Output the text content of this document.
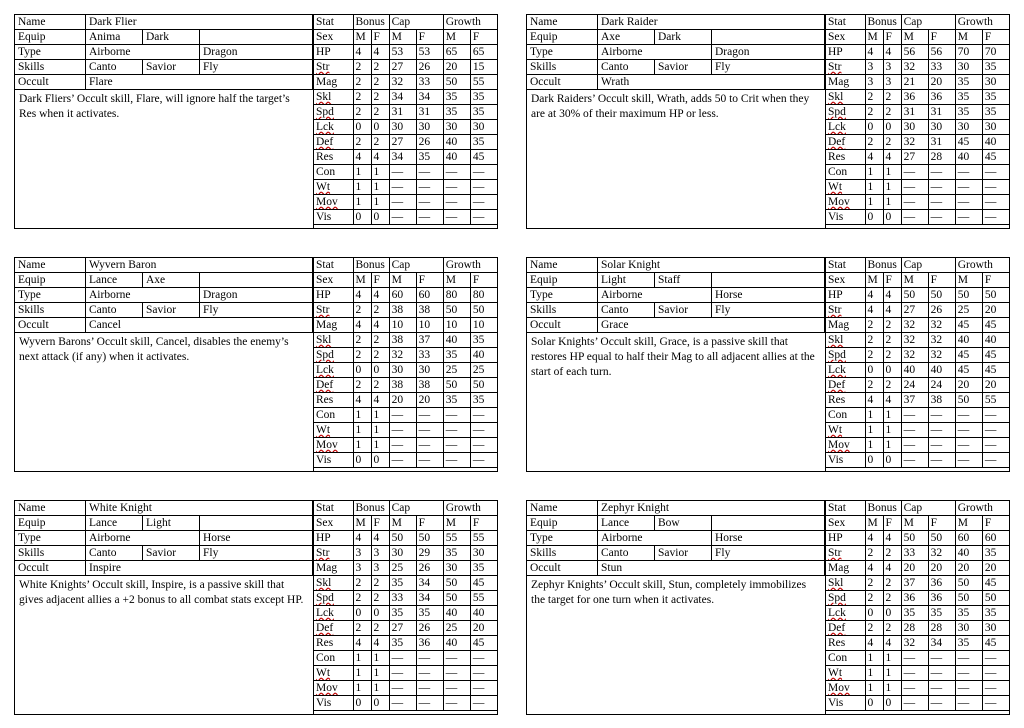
Name	Dark Flier		
Equip	Anima	Dark	
Type	Airborne		Dragon
Skills	Canto	Savior	Fly
Occult	Flare		
Dark Fliers’ Occult skill, Flare, will ignore half the target’s Res when it activates.
Stat	Bonus		Cap		Growth	
Sex	M	F	M	F	M	F
HP	4	4	53	53	65	65
Str	2	2	27	26	20	15
Mag	2	2	32	33	50	55
Skl	2	2	34	34	35	35
Spd	2	2	31	31	35	35
Lck	0	0	30	30	30	30
Def	2	2	27	26	40	35
Res	4	4	34	35	40	45
Con	1	1	—	—	—	—
Wt	1	1	—	—	—	—
Mov	1	1	—	—	—	—
Vis	0	0	—	—	—	—
Name	Dark Raider		
Equip	Axe	Dark	
Type	Airborne		Dragon
Skills	Canto	Savior	Fly
Occult	Wrath		
Dark Raiders’ Occult skill, Wrath, adds 50 to Crit when they are at 30% of their maximum HP or less.
Stat	Bonus		Cap		Growth	
Sex	M	F	M	F	M	F
HP	4	4	56	56	70	70
Str	3	3	32	33	30	35
Mag	3	3	21	20	35	30
Skl	2	2	36	36	35	35
Spd	2	2	31	31	35	35
Lck	0	0	30	30	30	30
Def	2	2	32	31	45	40
Res	4	4	27	28	40	45
Con	1	1	—	—	—	—
Wt	1	1	—	—	—	—
Mov	1	1	—	—	—	—
Vis	0	0	—	—	—	—
Name	Wyvern Baron		
Equip	Lance	Axe	
Type	Airborne		Dragon
Skills	Canto	Savior	Fly
Occult	Cancel		
Wyvern Barons’ Occult skill, Cancel, disables the enemy’s next attack (if any) when it activates.
Stat	Bonus		Cap		Growth	
Sex	M	F	M	F	M	F
HP	4	4	60	60	80	80
Str	2	2	38	38	50	50
Mag	4	4	10	10	10	10
Skl	2	2	38	37	40	35
Spd	2	2	32	33	35	40
Lck	0	0	30	30	25	25
Def	2	2	38	38	50	50
Res	4	4	20	20	35	35
Con	1	1	—	—	—	—
Wt	1	1	—	—	—	—
Mov	1	1	—	—	—	—
Vis	0	0	—	—	—	—
Name	Solar Knight		
Equip	Light	Staff	
Type	Airborne		Horse
Skills	Canto	Savior	Fly
Occult	Grace		
Solar Knights’ Occult skill, Grace, is a passive skill that restores HP equal to half their Mag to all adjacent allies at the start of each turn.
Stat	Bonus		Cap		Growth	
Sex	M	F	M	F	M	F
HP	4	4	50	50	50	50
Str	4	4	27	26	25	20
Mag	2	2	32	32	45	45
Skl	2	2	32	32	40	40
Spd	2	2	32	32	45	45
Lck	0	0	40	40	45	45
Def	2	2	24	24	20	20
Res	4	4	37	38	50	55
Con	1	1	—	—	—	—
Wt	1	1	—	—	—	—
Mov	1	1	—	—	—	—
Vis	0	0	—	—	—	—
Name	White Knight		
Equip	Lance	Light	
Type	Airborne		Horse
Skills	Canto	Savior	Fly
Occult	Inspire		
White Knights’ Occult skill, Inspire, is a passive skill that gives adjacent allies a +2 bonus to all combat stats except HP.
Stat	Bonus		Cap		Growth	
Sex	M	F	M	F	M	F
HP	4	4	50	50	55	55
Str	3	3	30	29	35	30
Mag	3	3	25	26	30	35
Skl	2	2	35	34	50	45
Spd	2	2	33	34	50	55
Lck	0	0	35	35	40	40
Def	2	2	27	26	25	20
Res	4	4	35	36	40	45
Con	1	1	—	—	—	—
Wt	1	1	—	—	—	—
Mov	1	1	—	—	—	—
Vis	0	0	—	—	—	—
Name	Zephyr Knight		
Equip	Lance	Bow	
Type	Airborne		Horse
Skills	Canto	Savior	Fly
Occult	Stun		
Zephyr Knights’ Occult skill, Stun, completely immobilizes the target for one turn when it activates.
Stat	Bonus		Cap		Growth	
Sex	M	F	M	F	M	F
HP	4	4	50	50	60	60
Str	2	2	33	32	40	35
Mag	4	4	20	20	20	20
Skl	2	2	37	36	50	45
Spd	2	2	36	36	50	50
Lck	0	0	35	35	35	35
Def	2	2	28	28	30	30
Res	4	4	32	34	35	45
Con	1	1	—	—	—	—
Wt	1	1	—	—	—	—
Mov	1	1	—	—	—	—
Vis	0	0	—	—	—	—
